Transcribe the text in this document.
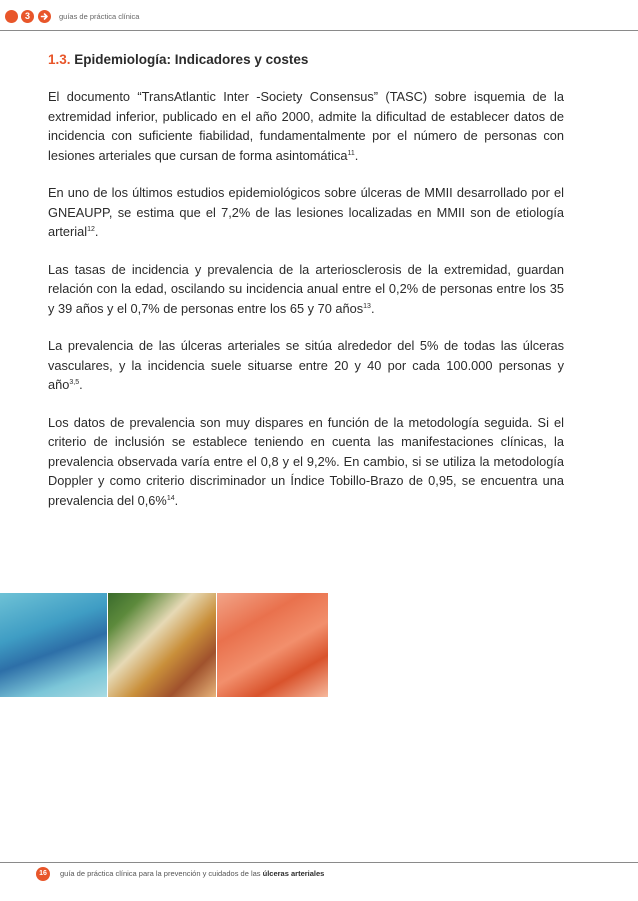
3	guías de práctica clínica
1.3. Epidemiología: Indicadores y costes

El documento “TransAtlantic Inter -Society Consensus” (TASC) sobre isquemia de la extremidad inferior, publicado en el año 2000, admite la dificultad de establecer datos de incidencia con suficiente fiabilidad, fundamentalmente por el número de personas con lesiones arteriales que cursan de forma asintomática$^{11}$.

En uno de los últimos estudios epidemiológicos sobre úlceras de MMII desarrollado por el GNEAUPP, se estima que el 7,2% de las lesiones localizadas en MMII son de etiología arterial$^{12}$.

Las tasas de incidencia y prevalencia de la arteriosclerosis de la extremidad, guardan relación con la edad, oscilando su incidencia anual entre el 0,2% de personas entre los 35 y 39 años y el 0,7% de personas entre los 65 y 70 años$^{13}$.

La prevalencia de las úlceras arteriales se sitúa alrededor del 5% de todas las úlceras vasculares, y la incidencia suele situarse entre 20 y 40 por cada 100.000 personas y año$^{3,5}$.

Los datos de prevalencia son muy dispares en función de la metodología seguida. Si el criterio de inclusión se establece teniendo en cuenta las manifestaciones clínicas, la prevalencia observada varía entre el 0,8 y el 9,2%. En cambio, si se utiliza la metodología Doppler y como criterio discriminador un Índice Tobillo-Brazo de 0,95, se encuentra una prevalencia del 0,6%$^{14}$.

16	guía de práctica clínica para la prevención y cuidados de las úlceras arteriales
